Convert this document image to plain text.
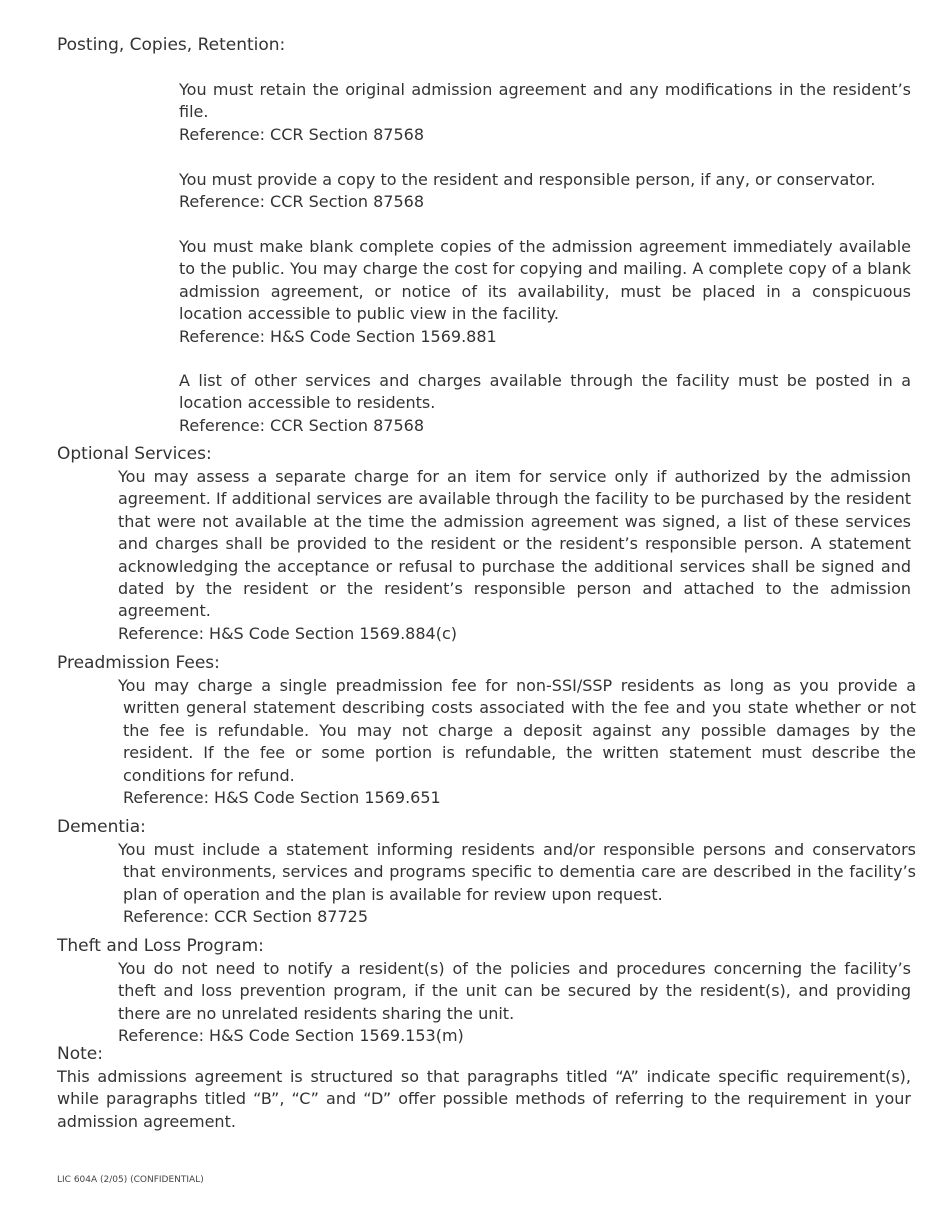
Posting, Copies, Retention:
You must retain the original admission agreement and any modifications in the resident’s file.
Reference: CCR Section 87568
You must provide a copy to the resident and responsible person, if any, or conservator.
Reference: CCR Section 87568
You must make blank complete copies of the admission agreement immediately available to the public. You may charge the cost for copying and mailing. A complete copy of a blank admission agreement, or notice of its availability, must be placed in a conspicuous location accessible to public view in the facility.
Reference: H&S Code Section 1569.881
A list of other services and charges available through the facility must be posted in a location accessible to residents.
Reference: CCR Section 87568
Optional Services:
You may assess a separate charge for an item for service only if authorized by the admission agreement. If additional services are available through the facility to be purchased by the resident that were not available at the time the admission agreement was signed, a list of these services and charges shall be provided to the resident or the resident’s responsible person. A statement acknowledging the acceptance or refusal to purchase the additional services shall be signed and dated by the resident or the resident’s responsible person and attached to the admission agreement.
Reference: H&S Code Section 1569.884(c)
Preadmission Fees:
You may charge a single preadmission fee for non-SSI/SSP residents as long as you provide a written general statement describing costs associated with the fee and you state whether or not the fee is refundable. You may not charge a deposit against any possible damages by the resident. If the fee or some portion is refundable, the written statement must describe the conditions for refund.
Reference: H&S Code Section 1569.651
Dementia:
You must include a statement informing residents and/or responsible persons and conservators that environments, services and programs specific to dementia care are described in the facility’s plan of operation and the plan is available for review upon request.
Reference: CCR Section 87725
Theft and Loss Program:
You do not need to notify a resident(s) of the policies and procedures concerning the facility’s theft and loss prevention program, if the unit can be secured by the resident(s), and providing there are no unrelated residents sharing the unit.
Reference: H&S Code Section 1569.153(m)
Note:
This admissions agreement is structured so that paragraphs titled “A” indicate specific requirement(s), while paragraphs titled “B”, “C” and “D” offer possible methods of referring to the requirement in your admission agreement.
LIC 604A (2/05) (CONFIDENTIAL)
